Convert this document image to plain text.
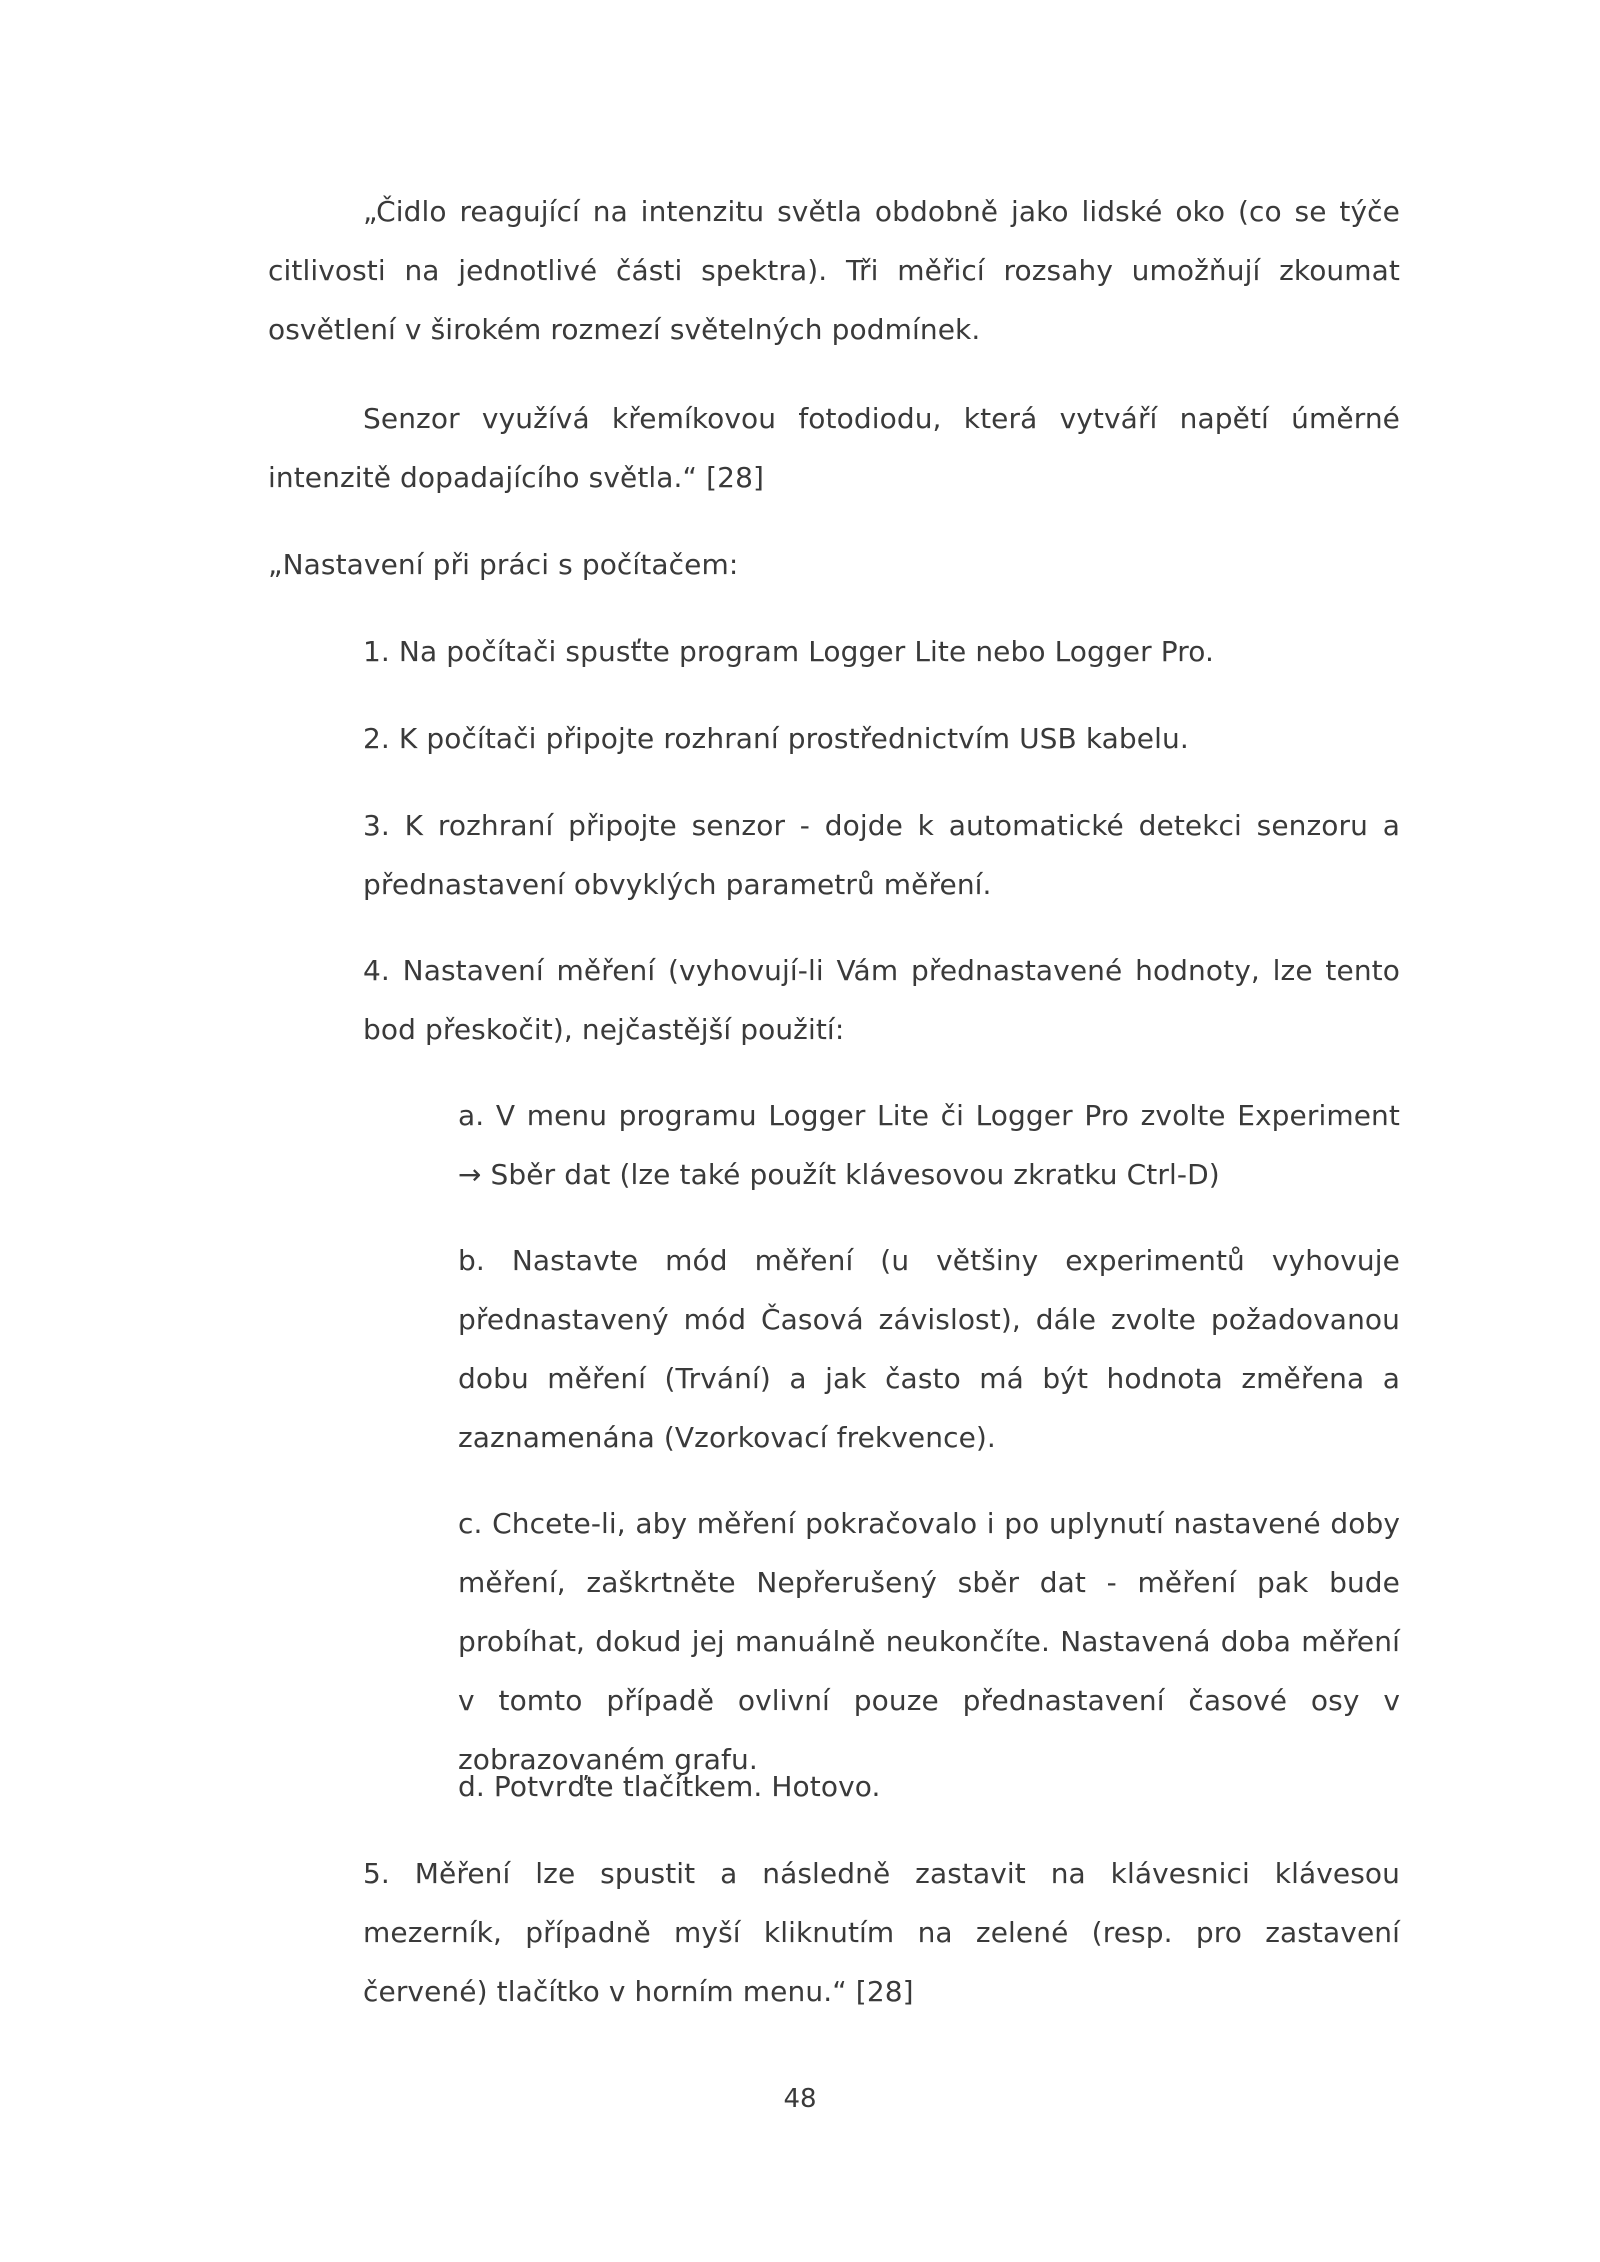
„Čidlo reagující na intenzitu světla obdobně jako lidské oko (co se týče citlivosti na jednotlivé části spektra). Tři měřicí rozsahy umožňují zkoumat osvětlení v širokém rozmezí světelných podmínek.

Senzor využívá křemíkovou fotodiodu, která vytváří napětí úměrné intenzitě dopadajícího světla.“ [28]

„Nastavení při práci s počítačem:

1. Na počítači spusťte program Logger Lite nebo Logger Pro.

2. K počítači připojte rozhraní prostřednictvím USB kabelu.

3. K rozhraní připojte senzor - dojde k automatické detekci senzoru a přednastavení obvyklých parametrů měření.

4. Nastavení měření (vyhovují-li Vám přednastavené hodnoty, lze tento bod přeskočit), nejčastější použití:

a. V menu programu Logger Lite či Logger Pro zvolte Experiment → Sběr dat (lze také použít klávesovou zkratku Ctrl-D)

b. Nastavte mód měření (u většiny experimentů vyhovuje přednastavený mód Časová závislost), dále zvolte požadovanou dobu měření (Trvání) a jak často má být hodnota změřena a zaznamenána (Vzorkovací frekvence).

c. Chcete-li, aby měření pokračovalo i po uplynutí nastavené doby měření, zaškrtněte Nepřerušený sběr dat - měření pak bude probíhat, dokud jej manuálně neukončíte. Nastavená doba měření v tomto případě ovlivní pouze přednastavení časové osy v zobrazovaném grafu.

d. Potvrďte tlačítkem. Hotovo.

5. Měření lze spustit a následně zastavit na klávesnici klávesou mezerník, případně myší kliknutím na zelené (resp. pro zastavení červené) tlačítko v horním menu.“ [28]

48
